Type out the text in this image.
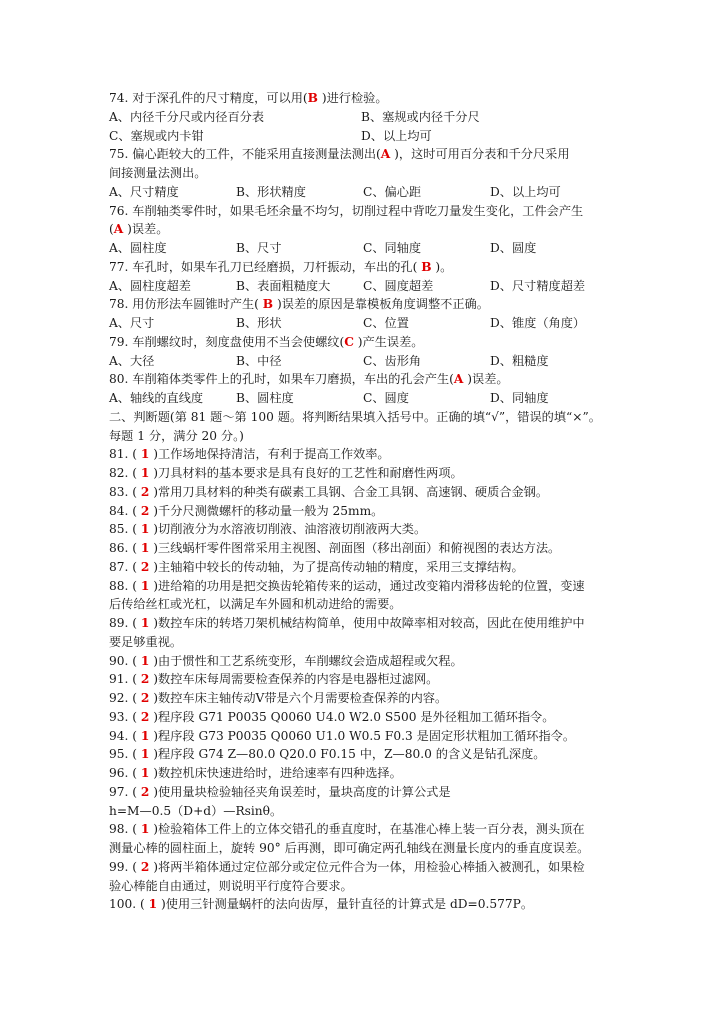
74. 对于深孔件的尺寸精度，可以用(B )进行检验。
A、内径千分尺或内径百分表	B、塞规或内径千分尺
C、塞规或内卡钳	D、以上均可
75. 偏心距较大的工件，不能采用直接测量法测出(A )，这时可用百分表和千分尺采用
间接测量法测出。
A、尺寸精度	B、形状精度	C、偏心距	D、以上均可
76. 车削轴类零件时，如果毛坯余量不均匀，切削过程中背吃刀量发生变化，工件会产生
(A )误差。
A、圆柱度	B、尺寸	C、同轴度	D、圆度
77. 车孔时，如果车孔刀已经磨损，刀杆振动，车出的孔( B )。
A、圆柱度超差	B、表面粗糙度大	C、圆度超差	D、尺寸精度超差
78. 用仿形法车圆锥时产生( B )误差的原因是靠模板角度调整不正确。
A、尺寸	B、形状	C、位置	D、锥度（角度）
79. 车削螺纹时，刻度盘使用不当会使螺纹(C )产生误差。
A、大径	B、中径	C、齿形角	D、粗糙度
80. 车削箱体类零件上的孔时，如果车刀磨损，车出的孔会产生(A )误差。
A、轴线的直线度	B、圆柱度	C、圆度	D、同轴度
二、判断题(第 81 题～第 100 题。将判断结果填入括号中。正确的填“√”，错误的填“×”。
每题 1 分，满分 20 分。)
81. ( 1 )工作场地保持清洁，有利于提高工作效率。
82. ( 1 )刀具材料的基本要求是具有良好的工艺性和耐磨性两项。
83. ( 2 )常用刀具材料的种类有碳素工具钢、合金工具钢、高速钢、硬质合金钢。
84. ( 2 )千分尺测微螺杆的移动量一般为 25mm。
85. ( 1 )切削液分为水溶液切削液、油溶液切削液两大类。
86. ( 1 )三线蜗杆零件图常采用主视图、剖面图（移出剖面）和俯视图的表达方法。
87. ( 2 )主轴箱中较长的传动轴，为了提高传动轴的精度，采用三支撑结构。
88. ( 1 )进给箱的功用是把交换齿轮箱传来的运动，通过改变箱内滑移齿轮的位置，变速
后传给丝杠或光杠，以满足车外圆和机动进给的需要。
89. ( 1 )数控车床的转塔刀架机械结构简单，使用中故障率相对较高，因此在使用维护中
要足够重视。
90. ( 1 )由于惯性和工艺系统变形，车削螺纹会造成超程或欠程。
91. ( 2 )数控车床每周需要检查保养的内容是电器柜过滤网。
92. ( 2 )数控车床主轴传动Ⅴ带是六个月需要检查保养的内容。
93. ( 2 )程序段 G71 P0035 Q0060 U4.0 W2.0 S500 是外径粗加工循环指令。
94. ( 1 )程序段 G73 P0035 Q0060 U1.0 W0.5 F0.3 是固定形状粗加工循环指令。
95. ( 1 )程序段 G74 Z—80.0 Q20.0 F0.15 中，Z—80.0 的含义是钻孔深度。
96. ( 1 )数控机床快速进给时，进给速率有四种选择。
97. ( 2 )使用量块检验轴径夹角误差时，量块高度的计算公式是
h=M—0.5（D+d）—Rsinθ。
98. ( 1 )检验箱体工件上的立体交错孔的垂直度时，在基准心棒上装一百分表，测头顶在
测量心棒的圆柱面上，旋转 90° 后再测，即可确定两孔轴线在测量长度内的垂直度误差。
99. ( 2 )将两半箱体通过定位部分或定位元件合为一体，用检验心棒插入被测孔，如果检
验心棒能自由通过，则说明平行度符合要求。
100. ( 1 )使用三针测量蜗杆的法向齿厚，量针直径的计算式是 dD=0.577P。
